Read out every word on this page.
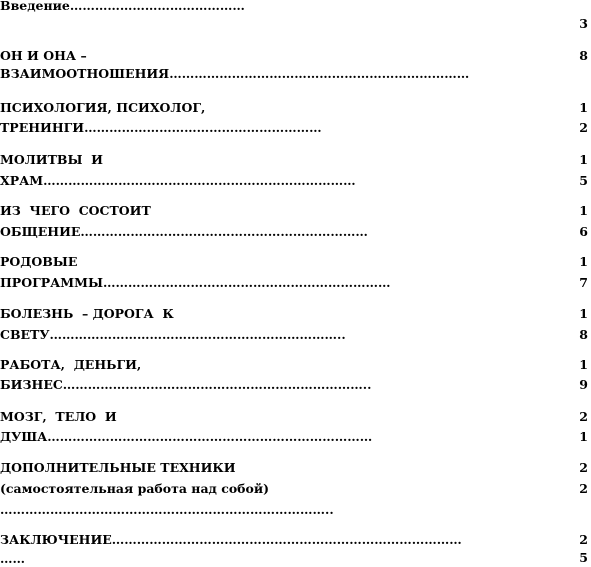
Введение……………………………………
3
ОН И ОНА –
ВЗАИМООТНОШЕНИЯ………………………………………………………………
8
ПСИХОЛОГИЯ, ПСИХОЛОГ,
ТРЕНИНГИ…………………………………………………
1
2
МОЛИТВЫ  И
ХРАМ…………………………………………………………………
1
5
ИЗ  ЧЕГО  СОСТОИТ
ОБЩЕНИЕ……………………………………………………………
1
6
РОДОВЫЕ
ПРОГРАММЫ……………………………………………………………
1
7
БОЛЕЗНЬ  – ДОРОГА  К
СВЕТУ……………………………………………………………..
1
8
РАБОТА,  ДЕНЬГИ,
БИЗНЕС………………………………………………………………..
1
9
МОЗГ,  ТЕЛО  И
ДУША……………………………………………………………………
2
1
ДОПОЛНИТЕЛЬНЫЕ ТЕХНИКИ
(самостоятельная работа над собой)
……………………………………………………………………..
2
2
ЗАКЛЮЧЕНИЕ…………………………………………………………………………
……
2
5
